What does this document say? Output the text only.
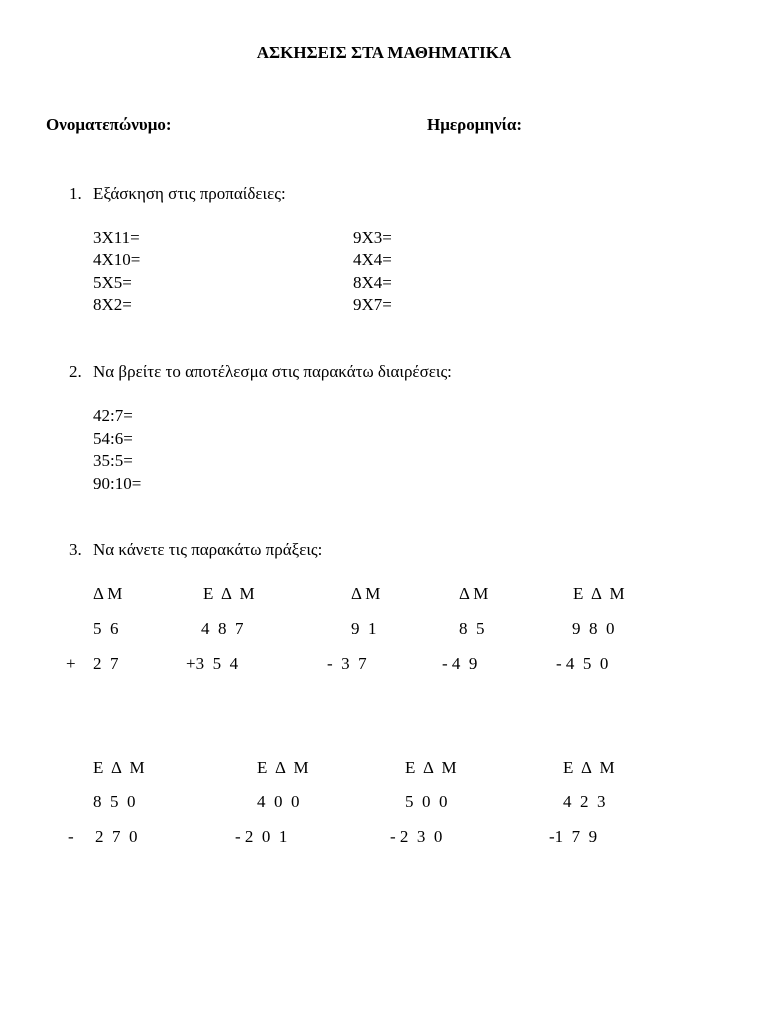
ΑΣΚΗΣΕΙΣ ΣΤΑ ΜΑΘΗΜΑΤΙΚΑ
Ονοματεπώνυμο:	Ημερομηνία:
1. Εξάσκηση στις προπαίδειες:
3Χ11=
4Χ10=
5Χ5=
8Χ2=
9Χ3=
4Χ4=
8Χ4=
9Χ7=
2. Να βρείτε το αποτέλεσμα στις παρακάτω διαιρέσεις:
42:7=
54:6=
35:5=
90:10=
3. Να κάνετε τις παρακάτω πράξεις:
+
Δ Μ
5  6
2  7
Ε  Δ  Μ
4  8  7
+3  5  4
Δ Μ
9  1
-  3  7
Δ Μ
8  5
- 4  9
Ε  Δ  Μ
9  8  0
- 4  5  0
-
Ε  Δ  Μ
8  5  0
2  7  0
Ε  Δ  Μ
4  0  0
- 2  0  1
Ε  Δ  Μ
5  0  0
- 2  3  0
Ε  Δ  Μ
4  2  3
-1  7  9
